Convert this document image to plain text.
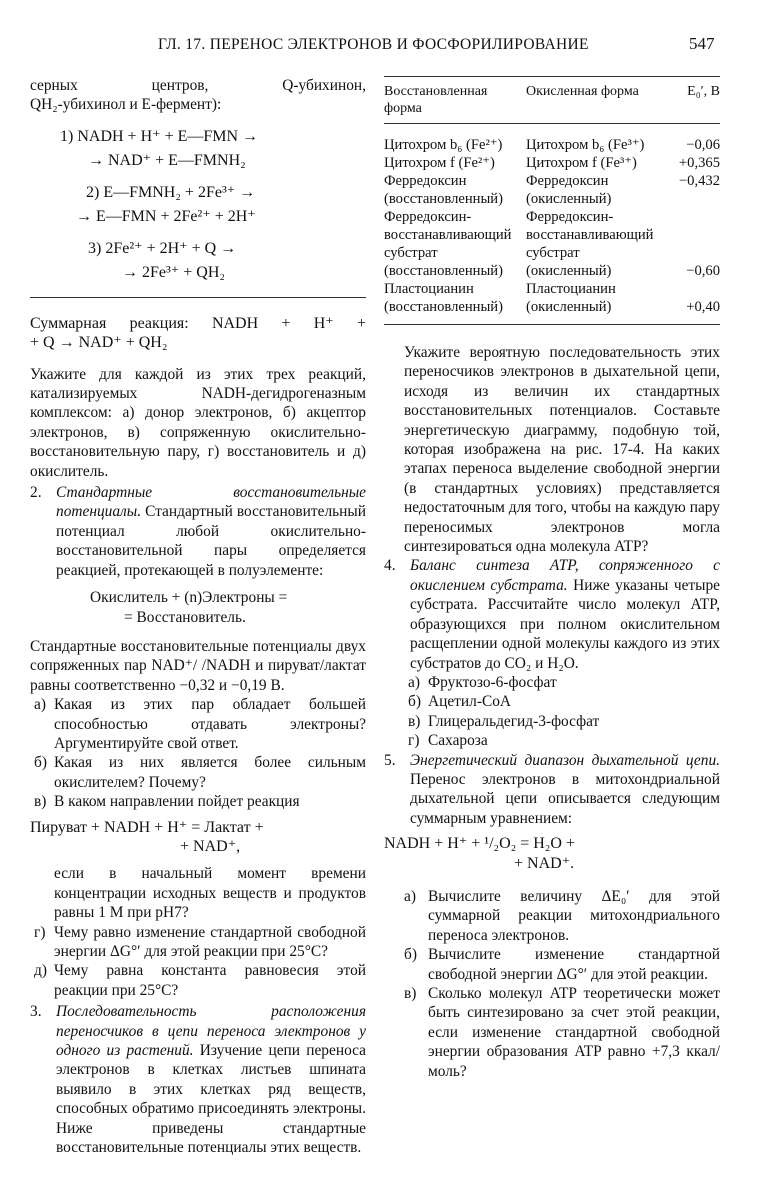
ГЛ. 17. ПЕРЕНОС ЭЛЕКТРОНОВ И ФОСФОРИЛИРОВАНИЕ	547

серных центров, Q-убихинон,

QH₂-убихинол и E-фермент):

1) NADH + H⁺ + E—FMN →

→ NAD⁺ + E—FMNH₂

2) E—FMNH₂ + 2Fe³⁺ →

→ E—FMN + 2Fe²⁺ + 2H⁺

3) 2Fe²⁺ + 2H⁺ + Q →

→ 2Fe³⁺ + QH₂

Суммарная реакция: NADH + H⁺ +

+ Q → NAD⁺ + QH₂

Укажите для каждой из этих трех реакций, катализируемых NADH-дегидрогеназным комплексом: а) донор электронов, б) акцептор электронов, в) сопряженную окислительно-восстановительную пару, г) восстановитель и д) окислитель.

2. Стандартные восстановительные потенциалы. Стандартный восстановительный потенциал любой окислительно-восстановительной пары определяется реакцией, протекающей в полуэлементе:

Окислитель + (n)Электроны =

= Восстановитель.

Стандартные восстановительные потенциалы двух сопряженных пар NAD⁺/ /NADH и пируват/лактат равны соответственно −0,32 и −0,19 В.

а) Какая из этих пар обладает большей способностью отдавать электроны? Аргументируйте свой ответ.
б) Какая из них является более сильным окислителем? Почему?
в) В каком направлении пойдет реакция

Пируват + NADH + H⁺ = Лактат +

+ NAD⁺,

если в начальный момент времени концентрации исходных веществ и продуктов равны 1 М при pH7?

г) Чему равно изменение стандартной свободной энергии ΔG°′ для этой реакции при 25°C?
д) Чему равна константа равновесия этой реакции при 25°C?
3. Последовательность расположения переносчиков в цепи переноса электронов у одного из растений. Изучение цепи переноса электронов в клетках листьев шпината выявило в этих клетках ряд веществ, способных обратимо присоединять электроны. Ниже приведены стандартные восстановительные потенциалы этих веществ.
Восстановленная форма	Окисленная форма	E₀′, В

Цитохром b₆ (Fe²⁺)	Цитохром b₆ (Fe³⁺)	−0,06
Цитохром f (Fe²⁺)	Цитохром f (Fe³⁺)	+0,365
Ферредоксин (восстановленный)	Ферредоксин (окисленный)	−0,432
Ферредоксин-восстанавливающий субстрат (восстановленный)	Ферредоксин-восстанавливающий субстрат (окисленный)	−0,60
Пластоцианин (восстановленный)	Пластоцианин (окисленный)	+0,40

Укажите вероятную последовательность этих переносчиков электронов в дыхательной цепи, исходя из величин их стандартных восстановительных потенциалов. Составьте энергетическую диаграмму, подобную той, которая изображена на рис. 17-4. На каких этапах переноса выделение свободной энергии (в стандартных условиях) представляется недостаточным для того, чтобы на каждую пару переносимых электронов могла синтезироваться одна молекула ATP?

4. Баланс синтеза ATP, сопряженного с окислением субстрата. Ниже указаны четыре субстрата. Рассчитайте число молекул ATP, образующихся при полном окислительном расщеплении одной молекулы каждого из этих субстратов до CO₂ и H₂O.
а) Фруктозо-6-фосфат
б) Ацетил-CoA
в) Глицеральдегид-3-фосфат
г) Сахароза
5. Энергетический диапазон дыхательной цепи. Перенос электронов в митохондриальной дыхательной цепи описывается следующим суммарным уравнением:

NADH + H⁺ + ¹/₂O₂ = H₂O +

+ NAD⁺.

а) Вычислите величину ΔE₀′ для этой суммарной реакции митохондриального переноса электронов.
б) Вычислите изменение стандартной свободной энергии ΔG°′ для этой реакции.
в) Сколько молекул ATP теоретически может быть синтезировано за счет этой реакции, если изменение стандартной свободной энергии образования ATP равно +7,3 ккал/моль?
